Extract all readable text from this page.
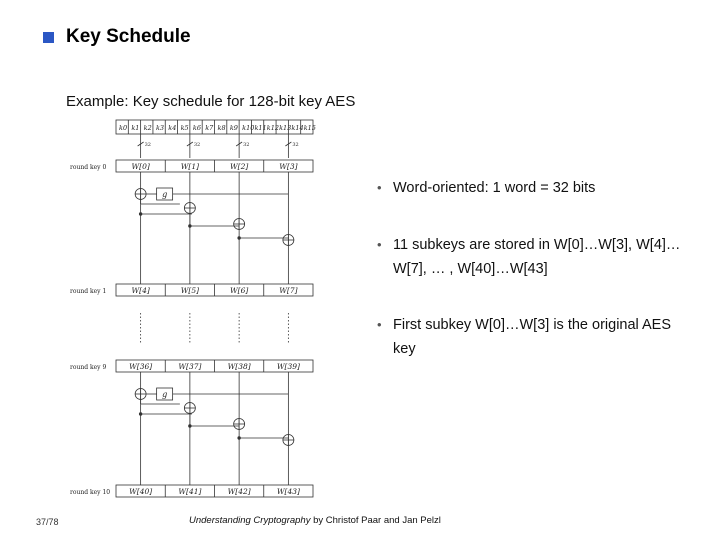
Key Schedule
Example: Key schedule for 128-bit key AES
k0 k1 k2 k3 k4 k5 k6 k7 k8 k9 k10 k11 k12 k13 k14 k15
32	32	32	32
W[0]	W[1]	W[2]	W[3]
round key 0
g
W[4]	W[5]	W[6]	W[7]
round key 1
W[36]	W[37]	W[38]	W[39]
round key 9
g
W[40]	W[41]	W[42]	W[43]
round key 10
• Word-oriented: 1 word = 32 bits
• 11 subkeys are stored in W[0]…W[3], W[4]…W[7], … , W[40]…W[43]
• First subkey W[0]…W[3] is the original AES key
37/78	Understanding Cryptography by Christof Paar and Jan Pelzl
